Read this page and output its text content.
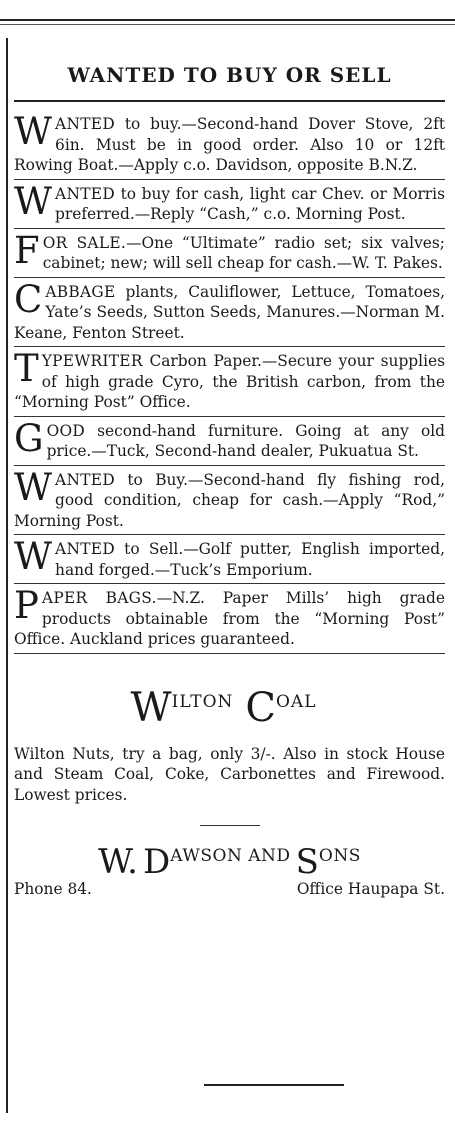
WANTED TO BUY OR SELL
WANTED to buy.—Second-hand Dover Stove, 2ft 6in. Must be in good order. Also 10 or 12ft Rowing Boat.—Apply c.o. Davidson, opposite B.N.Z.
WANTED to buy for cash, light car Chev. or Morris preferred.—Reply “Cash,” c.o. Morning Post.
FOR SALE.—One “Ultimate” radio set; six valves; cabinet; new; will sell cheap for cash.—W. T. Pakes.
CABBAGE plants, Cauliflower, Lettuce, Tomatoes, Yate’s Seeds, Sutton Seeds, Manures.—Norman M. Keane, Fenton Street.
TYPEWRITER Carbon Paper.—Secure your supplies of high grade Cyro, the British carbon, from the “Morning Post” Office.
GOOD second-hand furniture. Going at any old price.—Tuck, Second-hand dealer, Pukuatua St.
WANTED to Buy.—Second-hand fly fishing rod, good condition, cheap for cash.—Apply “Rod,” Morning Post.
WANTED to Sell.—Golf putter, English imported, hand forged.—Tuck’s Emporium.
PAPER BAGS.—N.Z. Paper Mills’ high grade products obtainable from the “Morning Post” Office. Auckland prices guaranteed.
WILTON COAL
Wilton Nuts, try a bag, only 3/-. Also in stock House and Steam Coal, Coke, Carbonettes and Firewood. Lowest prices.
W. DAWSON AND SONS
Phone 84.	Office Haupapa St.
